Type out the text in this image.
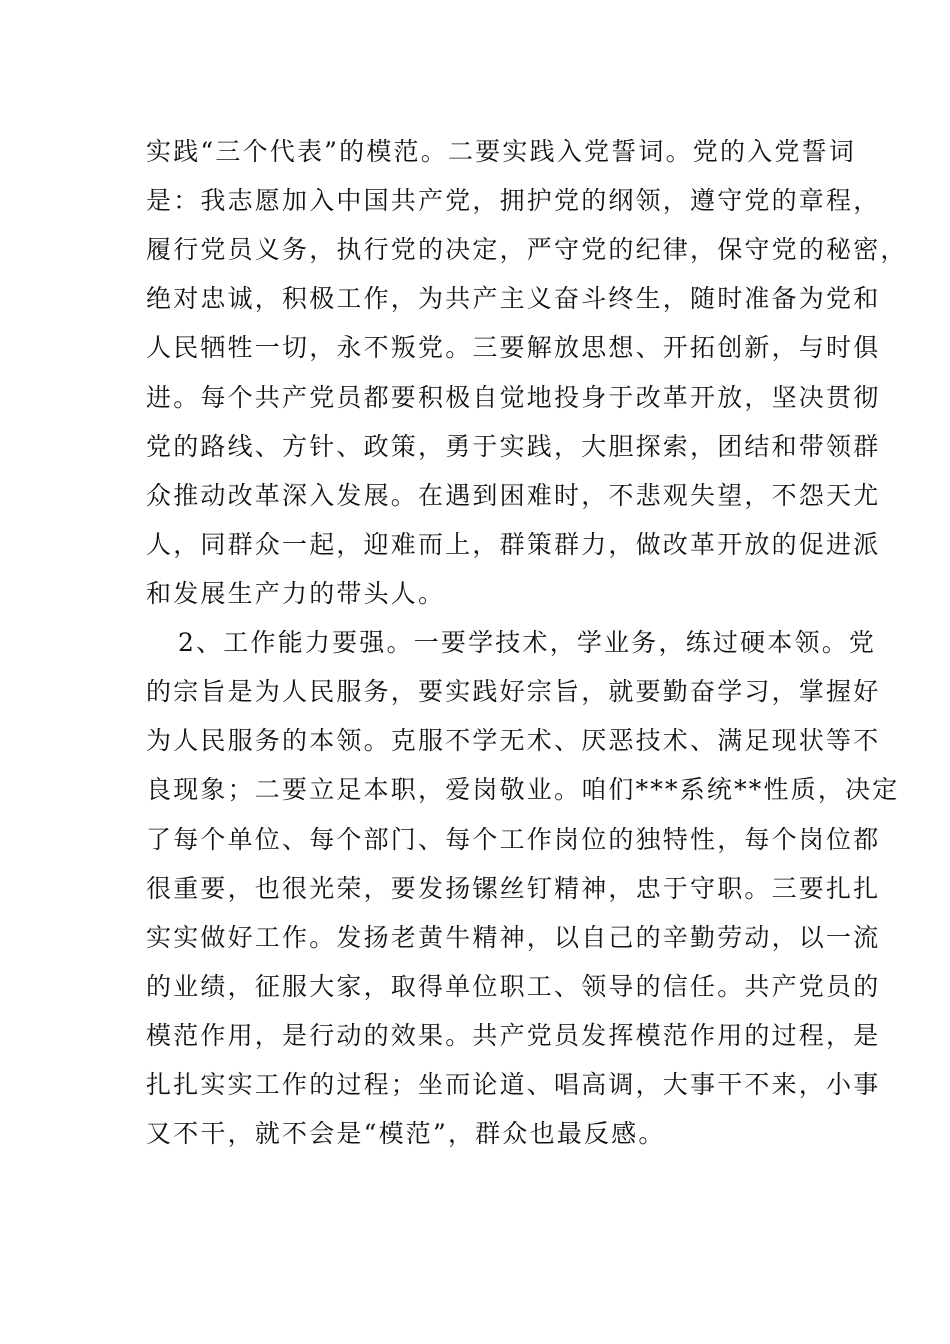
实践“三个代表”的模范。二要实践入党誓词。党的入党誓词
是：我志愿加入中国共产党，拥护党的纲领，遵守党的章程，
履行党员义务，执行党的决定，严守党的纪律，保守党的秘密，
绝对忠诚，积极工作，为共产主义奋斗终生，随时准备为党和
人民牺牲一切，永不叛党。三要解放思想、开拓创新，与时俱
进。每个共产党员都要积极自觉地投身于改革开放，坚决贯彻
党的路线、方针、政策，勇于实践，大胆探索，团结和带领群
众推动改革深入发展。在遇到困难时，不悲观失望，不怨天尤
人，同群众一起，迎难而上，群策群力，做改革开放的促进派
和发展生产力的带头人。
2、工作能力要强。一要学技术，学业务，练过硬本领。党
的宗旨是为人民服务，要实践好宗旨，就要勤奋学习，掌握好
为人民服务的本领。克服不学无术、厌恶技术、满足现状等不
良现象；二要立足本职，爱岗敬业。咱们***系统**性质，决定
了每个单位、每个部门、每个工作岗位的独特性，每个岗位都
很重要，也很光荣，要发扬镙丝钉精神，忠于守职。三要扎扎
实实做好工作。发扬老黄牛精神，以自己的辛勤劳动，以一流
的业绩，征服大家，取得单位职工、领导的信任。共产党员的
模范作用，是行动的效果。共产党员发挥模范作用的过程，是
扎扎实实工作的过程；坐而论道、唱高调，大事干不来，小事
又不干，就不会是“模范”，群众也最反感。
